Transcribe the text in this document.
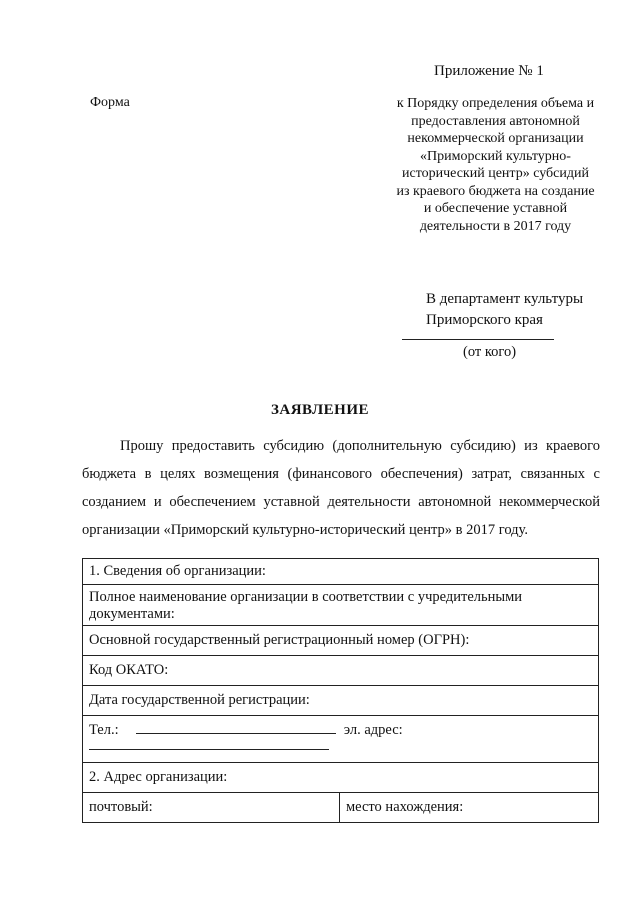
Приложение № 1
Форма	к Порядку определения объема и
предоставления автономной
некоммерческой организации
«Приморский культурно-
исторический центр» субсидий
из краевого бюджета на создание
и обеспечение уставной
деятельности в 2017 году
В департамент культуры
Приморского края
(от кого)
ЗАЯВЛЕНИЕ
Прошу предоставить субсидию (дополнительную субсидию) из краевого бюджета в целях возмещения (финансового обеспечения) затрат, связанных с созданием и обеспечением уставной деятельности автономной некоммерческой организации «Приморский культурно-исторический центр» в 2017 году.
1. Сведения об организации:
Полное наименование организации в соответствии с учредительными документами:
Основной государственный регистрационный номер (ОГРН):
Код ОКАТО:
Дата государственной регистрации:
Тел.:	эл. адрес:

2. Адрес организации:
почтовый:	место нахождения:
